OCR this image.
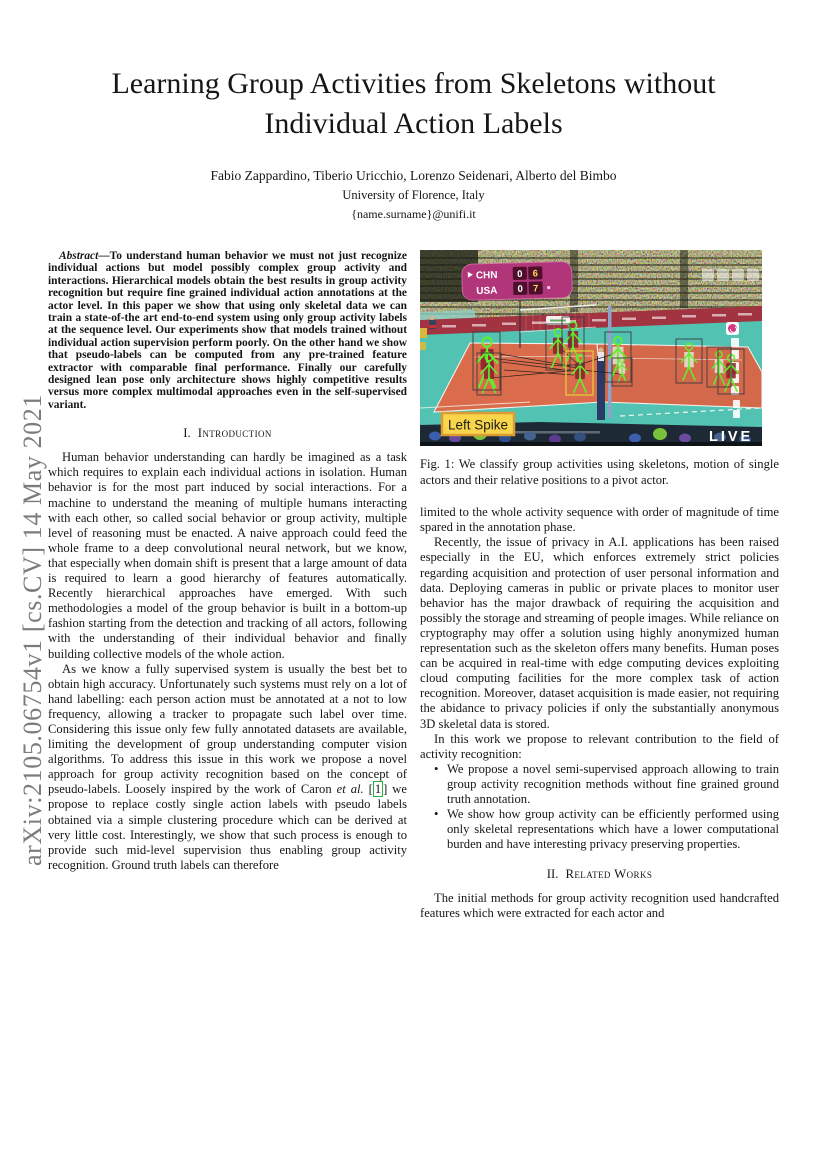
arXiv:2105.06754v1 [cs.CV] 14 May 2021
Learning Group Activities from Skeletons without
Individual Action Labels
Fabio Zappardino, Tiberio Uricchio, Lorenzo Seidenari, Alberto del Bimbo
University of Florence, Italy
{name.surname}@unifi.it

Abstract—To understand human behavior we must not just recognize individual actions but model possibly complex group activity and interactions. Hierarchical models obtain the best results in group activity recognition but require fine grained individual action annotations at the actor level. In this paper we show that using only skeletal data we can train a state-of-the art end-to-end system using only group activity labels at the sequence level. Our experiments show that models trained without individual action supervision perform poorly. On the other hand we show that pseudo-labels can be computed from any pre-trained feature extractor with comparable final performance. Finally our carefully designed lean pose only architecture shows highly competitive results versus more complex multimodal approaches even in the self-supervised variant.

I. Introduction

Human behavior understanding can hardly be imagined as a task which requires to explain each individual actions in isolation. Human behavior is for the most part induced by social interactions. For a machine to understand the meaning of multiple humans interacting with each other, so called social behavior or group activity, multiple level of reasoning must be enacted. A naive approach could feed the whole frame to a deep convolutional neural network, but we know, that especially when domain shift is present that a large amount of data is required to learn a good hierarchy of features automatically. Recently hierarchical approaches have emerged. With such methodologies a model of the group behavior is built in a bottom-up fashion starting from the detection and tracking of all actors, following with the understanding of their individual behavior and finally building collective models of the whole action.

As we know a fully supervised system is usually the best bet to obtain high accuracy. Unfortunately such systems must rely on a lot of hand labelling: each person action must be annotated at a not to low frequency, allowing a tracker to propagate such label over time. Considering this issue only few fully annotated datasets are available, limiting the development of group understanding computer vision algorithms. To address this issue in this work we propose a novel approach for group activity recognition based on the concept of pseudo-labels. Loosely inspired by the work of Caron et al. [ 1 ] we propose to replace costly single action labels with pseudo labels obtained via a simple clustering procedure which can be derived at very little cost. Interestingly, we show that such process is enough to provide such mid-level supervision thus enabling group activity recognition. Ground truth labels can therefore

CHN 0 6
USA 0 7
Left Spike
LIVE

Fig. 1: We classify group activities using skeletons, motion of single actors and their relative positions to a pivot actor.

limited to the whole activity sequence with order of magnitude of time spared in the annotation phase.

Recently, the issue of privacy in A.I. applications has been raised especially in the EU, which enforces extremely strict policies regarding acquisition and protection of user personal information and data. Deploying cameras in public or private places to monitor user behavior has the major drawback of requiring the acquisition and possibly the storage and streaming of people images. While reliance on cryptography may offer a solution using highly anonymized human representation such as the skeleton offers many benefits. Human poses can be acquired in real-time with edge computing devices exploiting cloud computing facilities for the more complex task of action recognition. Moreover, dataset acquisition is made easier, not requiring the abidance to privacy policies if only the substantially anonymous 3D skeletal data is stored.

In this work we propose to relevant contribution to the field of activity recognition:

• We propose a novel semi-supervised approach allowing to train group activity recognition methods without fine grained ground truth annotation.
• We show how group activity can be efficiently performed using only skeletal representations which have a lower computational burden and have interesting privacy preserving properties.
II. Related Works

The initial methods for group activity recognition used handcrafted features which were extracted for each actor and
